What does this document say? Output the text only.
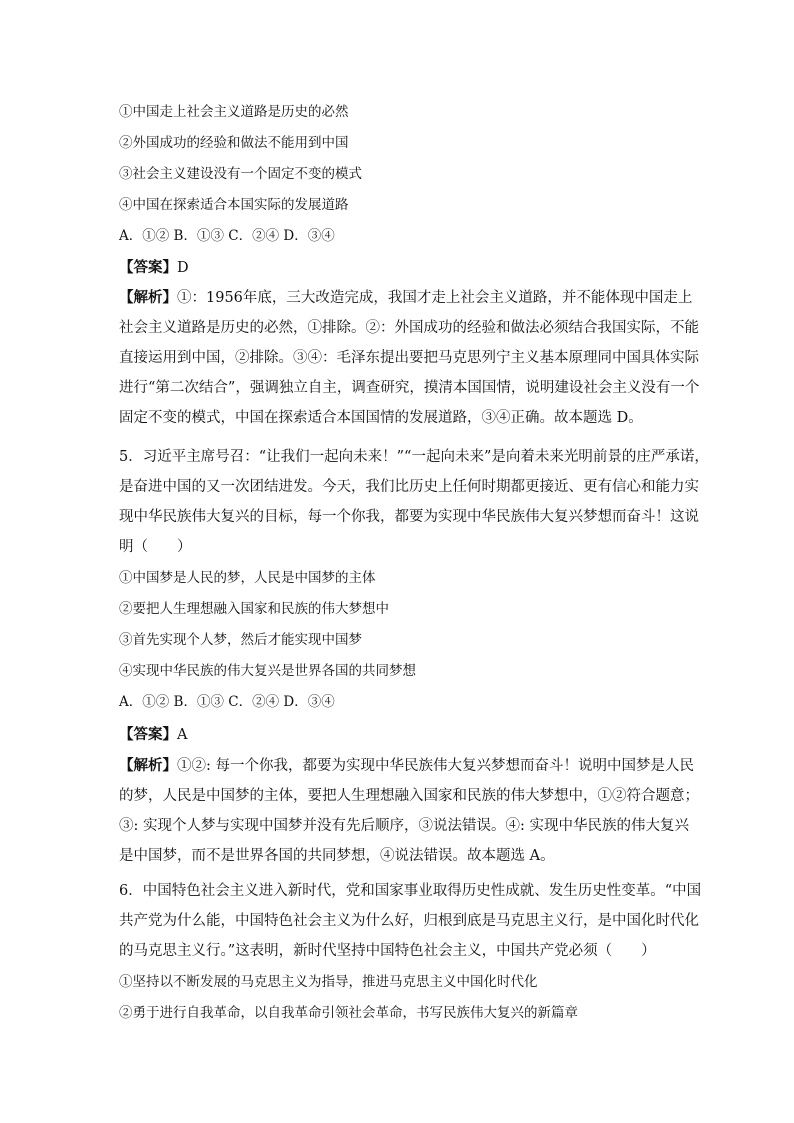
①中国走上社会主义道路是历史的必然
②外国成功的经验和做法不能用到中国
③社会主义建设没有一个固定不变的模式
④中国在探索适合本国实际的发展道路
A．①② B．①③ C．②④ D．③④
【答案】D
【解析】①：1956年底，三大改造完成，我国才走上社会主义道路，并不能体现中国走上
社会主义道路是历史的必然，①排除。②：外国成功的经验和做法必须结合我国实际，不能
直接运用到中国，②排除。③④：毛泽东提出要把马克思列宁主义基本原理同中国具体实际
进行“第二次结合”，强调独立自主，调查研究，摸清本国国情，说明建设社会主义没有一个
固定不变的模式，中国在探索适合本国国情的发展道路，③④正确。故本题选 D。
5．习近平主席号召：“让我们一起向未来！”“一起向未来”是向着未来光明前景的庄严承诺，
是奋进中国的又一次团结进发。今天，我们比历史上任何时期都更接近、更有信心和能力实
现中华民族伟大复兴的目标，每一个你我，都要为实现中华民族伟大复兴梦想而奋斗！这说
明（　　）
①中国梦是人民的梦，人民是中国梦的主体
②要把人生理想融入国家和民族的伟大梦想中
③首先实现个人梦，然后才能实现中国梦
④实现中华民族的伟大复兴是世界各国的共同梦想
A．①② B．①③ C．②④ D．③④
【答案】A
【解析】①②: 每一个你我，都要为实现中华民族伟大复兴梦想而奋斗！说明中国梦是人民
的梦，人民是中国梦的主体，要把人生理想融入国家和民族的伟大梦想中，①②符合题意；
③: 实现个人梦与实现中国梦并没有先后顺序，③说法错误。④: 实现中华民族的伟大复兴
是中国梦，而不是世界各国的共同梦想，④说法错误。故本题选 A。
6．中国特色社会主义进入新时代，党和国家事业取得历史性成就、发生历史性变革。“中国
共产党为什么能，中国特色社会主义为什么好，归根到底是马克思主义行，是中国化时代化
的马克思主义行。”这表明，新时代坚持中国特色社会主义，中国共产党必须（　　）
①坚持以不断发展的马克思主义为指导，推进马克思主义中国化时代化
②勇于进行自我革命，以自我革命引领社会革命，书写民族伟大复兴的新篇章
